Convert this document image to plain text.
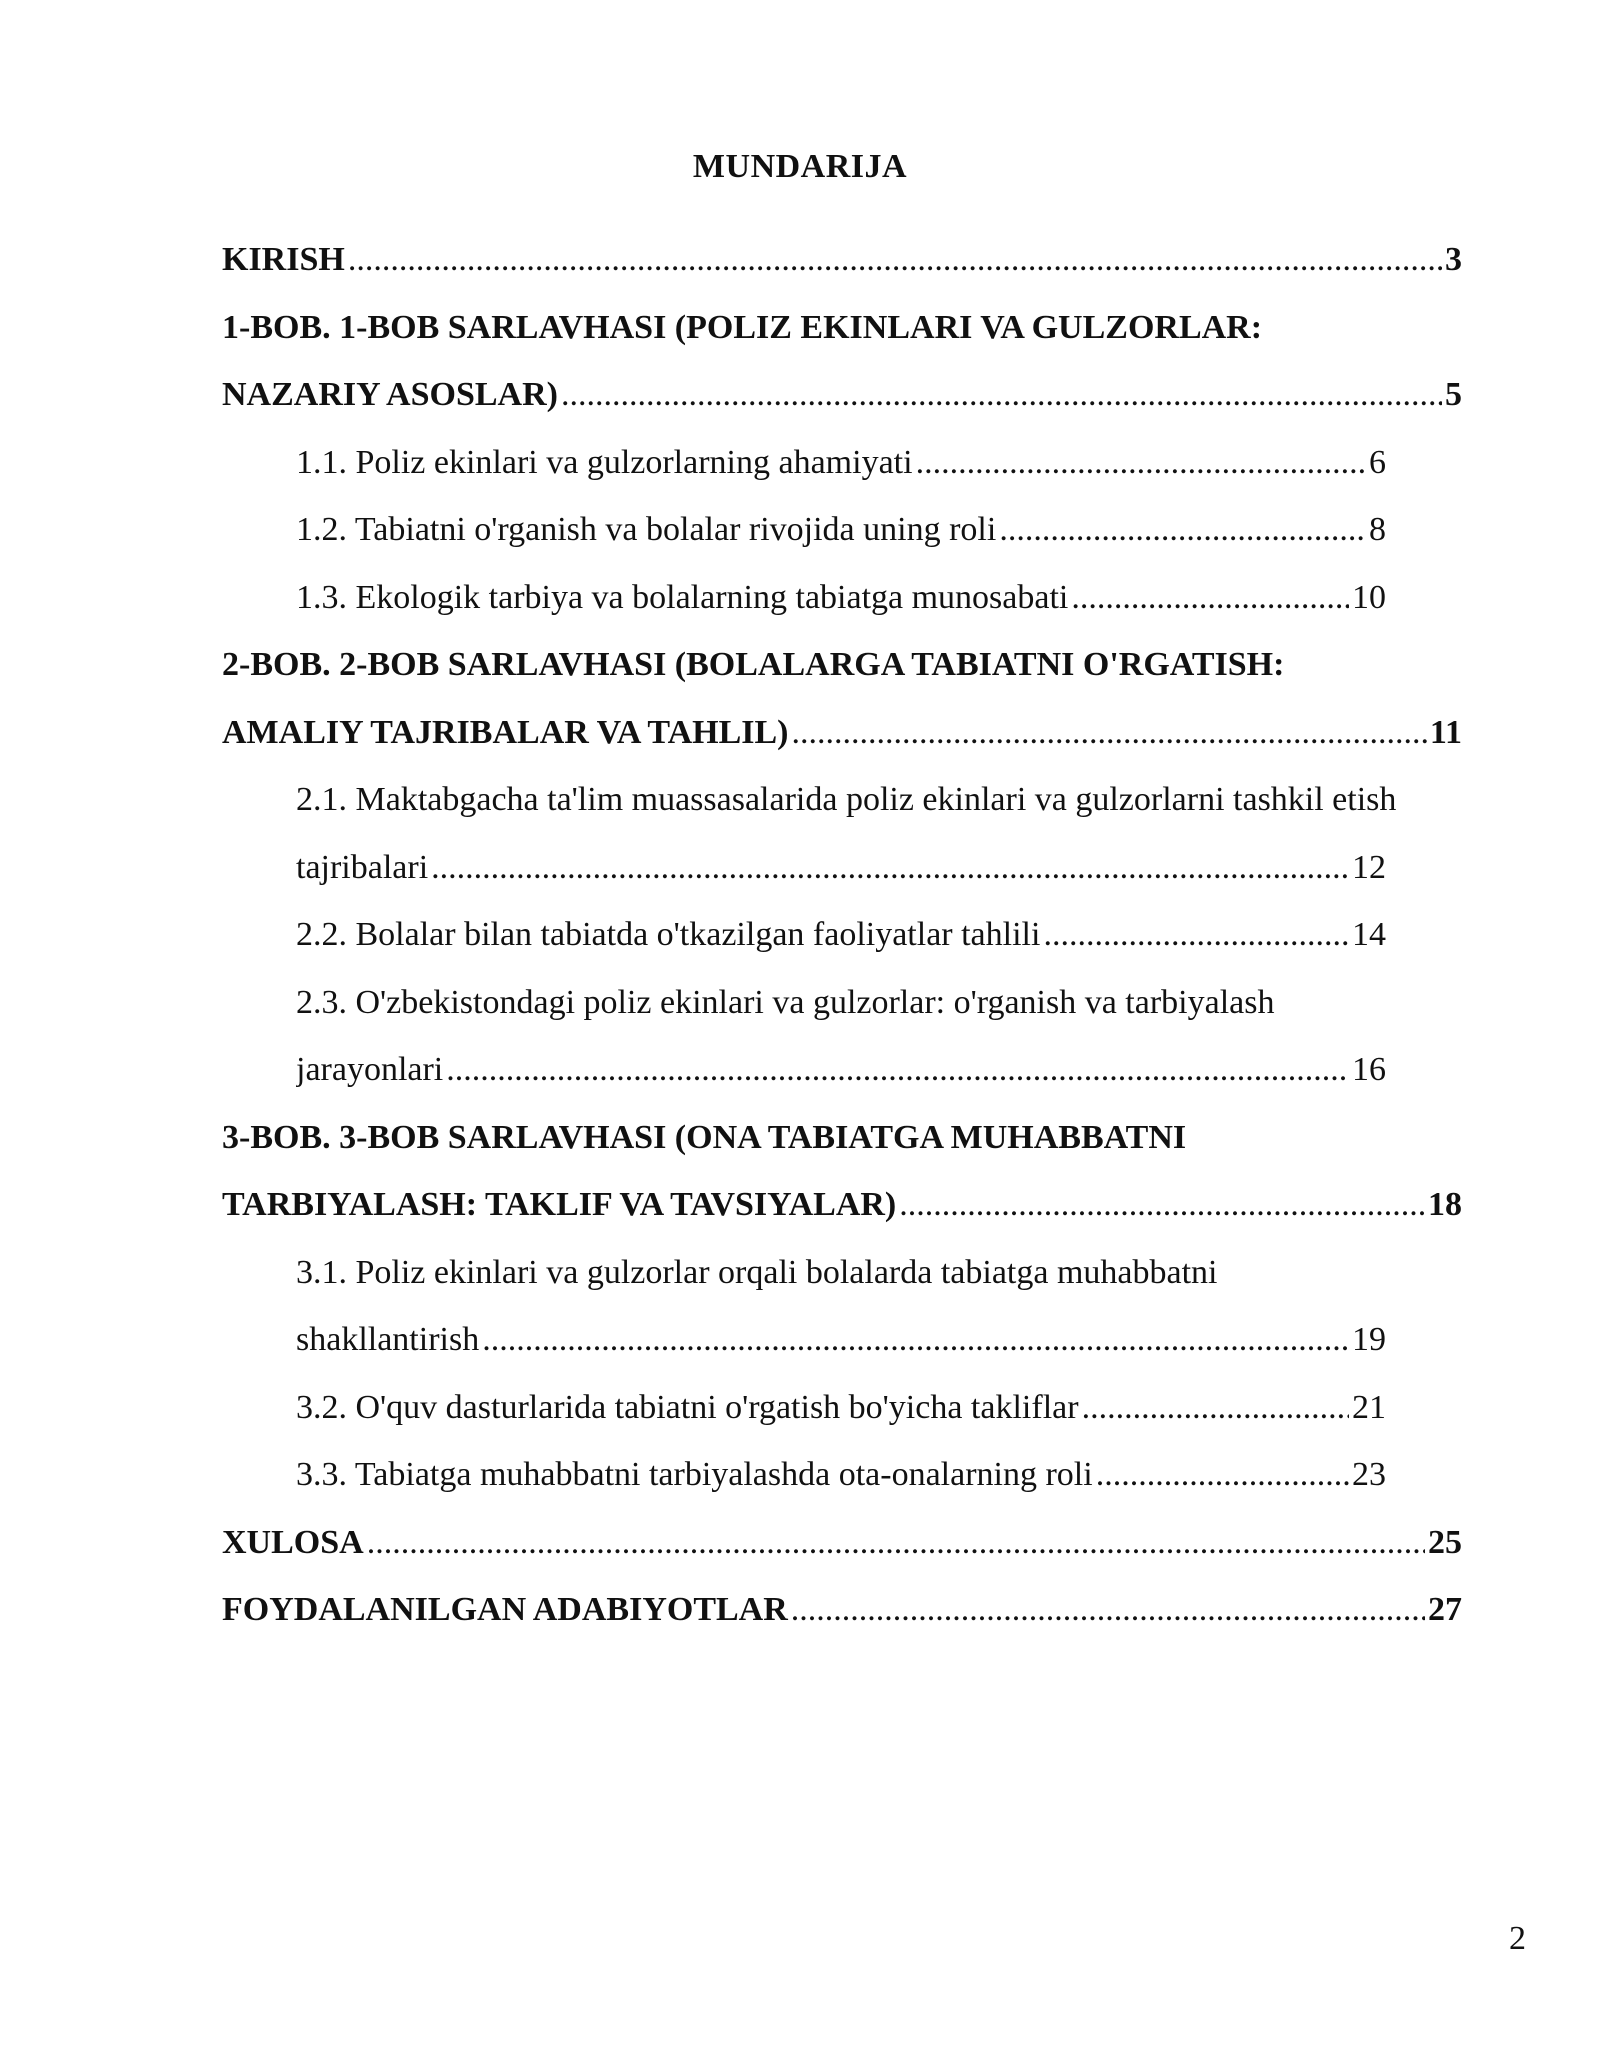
MUNDARIJA
KIRISH .....	3
1-BOB. 1-BOB SARLAVHASI (POLIZ EKINLARI VA GULZORLAR:
NAZARIY ASOSLAR) .....	5
1.1. Poliz ekinlari va gulzorlarning ahamiyati .....	6
1.2. Tabiatni o'rganish va bolalar rivojida uning roli .....	8
1.3. Ekologik tarbiya va bolalarning tabiatga munosabati .....	10
2-BOB. 2-BOB SARLAVHASI (BOLALARGA TABIATNI O'RGATISH:
AMALIY TAJRIBALAR VA TAHLIL) .....	11
2.1. Maktabgacha ta'lim muassasalarida poliz ekinlari va gulzorlarni tashkil etish
tajribalari .....	12
2.2. Bolalar bilan tabiatda o'tkazilgan faoliyatlar tahlili .....	14
2.3. O'zbekistondagi poliz ekinlari va gulzorlar: o'rganish va tarbiyalash
jarayonlari .....	16
3-BOB. 3-BOB SARLAVHASI (ONA TABIATGA MUHABBATNI
TARBIYALASH: TAKLIF VA TAVSIYALAR) .....	18
3.1. Poliz ekinlari va gulzorlar orqali bolalarda tabiatga muhabbatni
shakllantirish .....	19
3.2. O'quv dasturlarida tabiatni o'rgatish bo'yicha takliflar .....	21
3.3. Tabiatga muhabbatni tarbiyalashda ota-onalarning roli .....	23
XULOSA .....	25
FOYDALANILGAN ADABIYOTLAR .....	27
2
